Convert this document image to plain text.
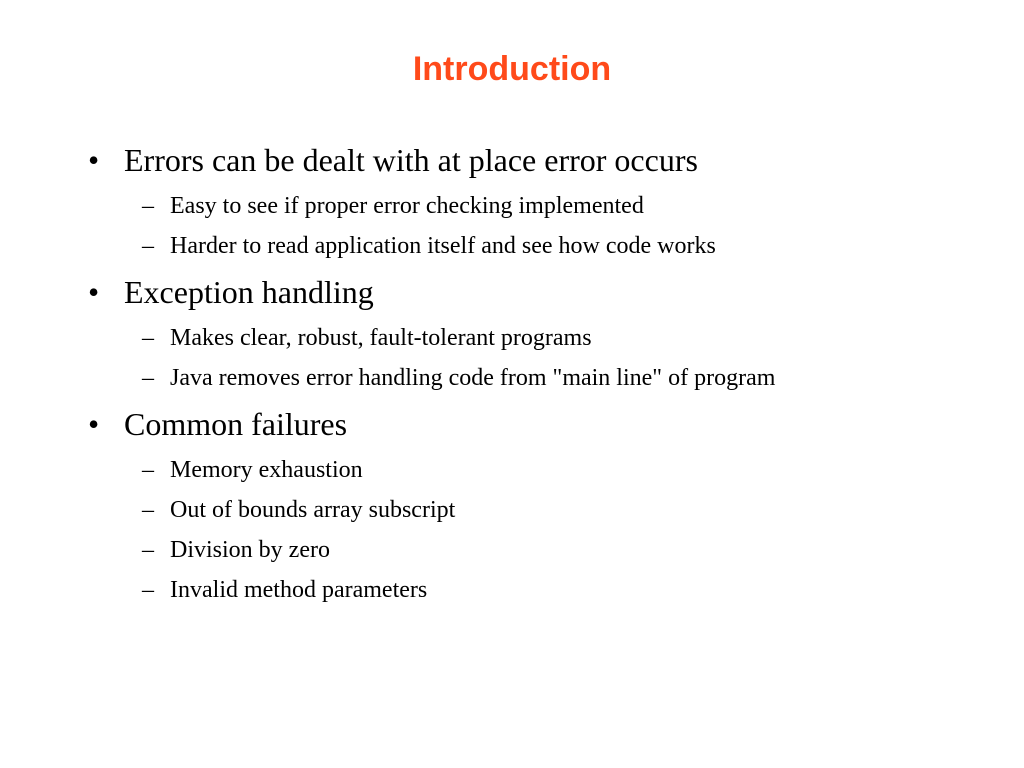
Introduction
• Errors can be dealt with at place error occurs
– Easy to see if proper error checking implemented
– Harder to read application itself and see how code works
• Exception handling
– Makes clear, robust, fault-tolerant programs
– Java removes error handling code from "main line" of program
• Common failures
– Memory exhaustion
– Out of bounds array subscript
– Division by zero
– Invalid method parameters
